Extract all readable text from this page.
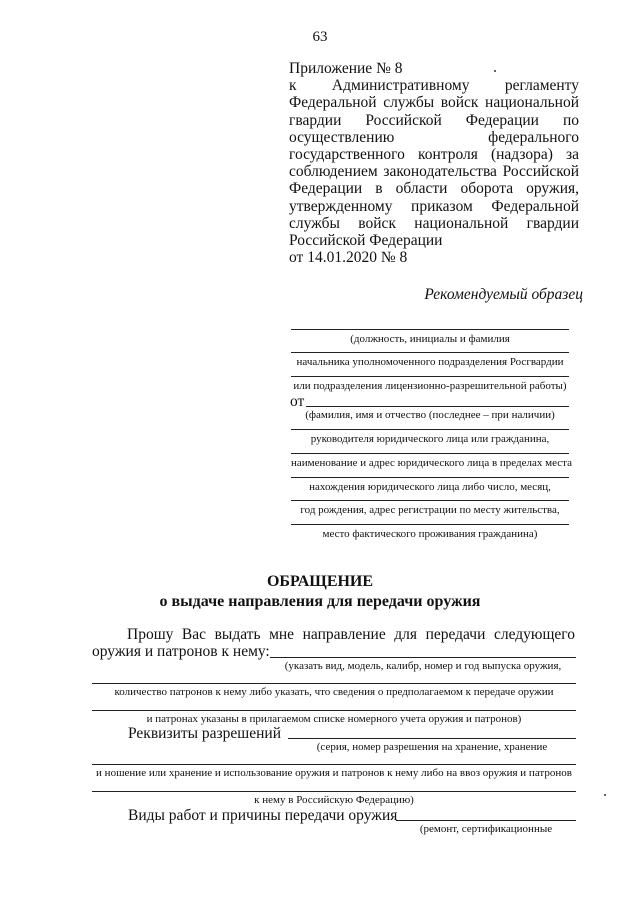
63
Приложение № 8
к Административному регламенту
Федеральной службы войск национальной
гвардии Российской Федерации по
осуществлению федерального
государственного контроля (надзора) за
соблюдением законодательства Российской
Федерации в области оборота оружия,
утвержденному приказом Федеральной
службы войск национальной гвардии
Российской Федерации
от 14.01.2020 № 8
Рекомендуемый образец
(должность, инициалы и фамилия
начальника уполномоченного подразделения Росгвардии
или подразделения лицензионно-разрешительной работы)
от
(фамилия, имя и отчество (последнее – при наличии)
руководителя юридического лица или гражданина,
наименование и адрес юридического лица в пределах места
нахождения юридического лица либо число, месяц,
год рождения, адрес регистрации по месту жительства,
место фактического проживания гражданина)
ОБРАЩЕНИЕ
о выдаче направления для передачи оружия
Прошу Вас выдать мне направление для передачи следующего
оружия и патронов к нему:
(указать вид, модель, калибр, номер и год выпуска оружия,
количество патронов к нему либо указать, что сведения о предполагаемом к передаче оружии
и патронах указаны в прилагаемом списке номерного учета оружия и патронов)
Реквизиты разрешений
(серия, номер разрешения на хранение, хранение
и ношение или хранение и использование оружия и патронов к нему либо на ввоз оружия и патронов
к нему в Российскую Федерацию)
Виды работ и причины передачи оружия
(ремонт, сертификационные
